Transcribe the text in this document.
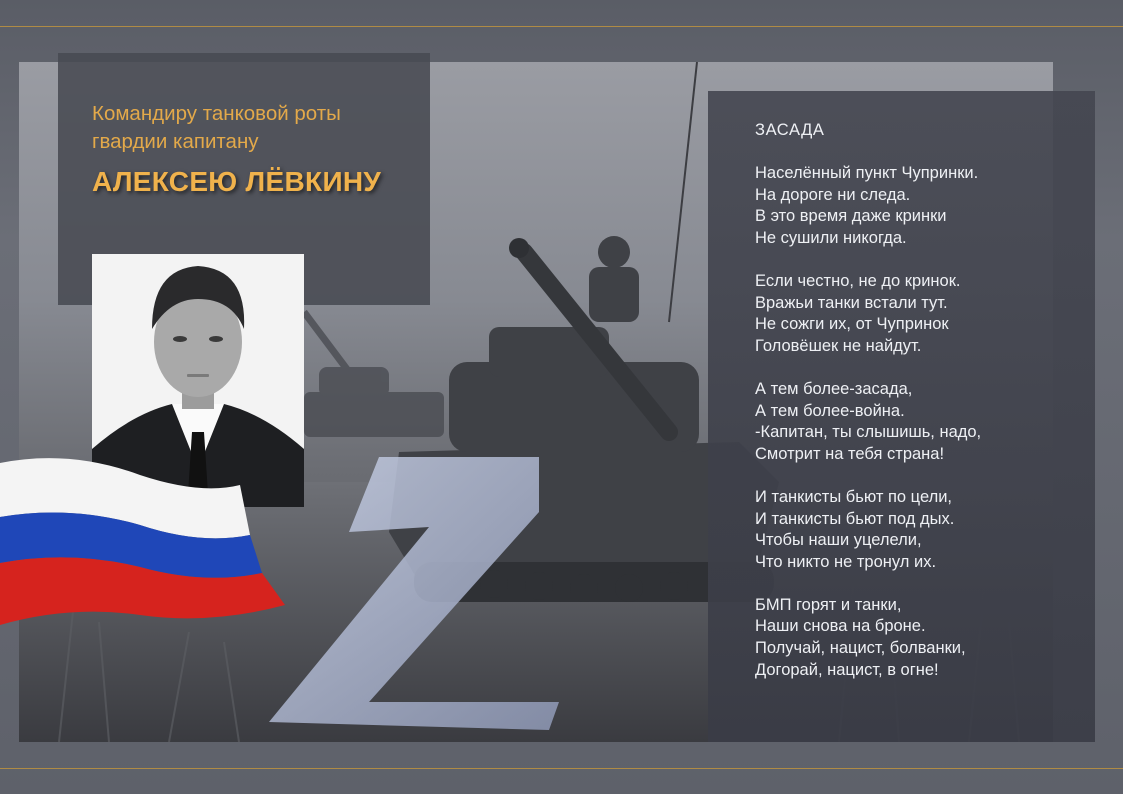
Командиру танковой роты
гвардии капитану
АЛЕКСЕЮ ЛЁВКИНУ
ЗАСАДА

Населённый пункт Чупринки.
На дороге ни следа.
В это время даже кринки
Не сушили никогда.

Если честно, не до кринок.
Вражьи танки встали тут.
Не сожги их, от Чупринок
Головёшек не найдут.

А тем более-засада,
А тем более-война.
-Капитан, ты слышишь, надо,
Смотрит на тебя страна!

И танкисты бьют по цели,
И танкисты бьют под дых.
Чтобы наши уцелели,
Что никто не тронул их.

БМП горят и танки,
Наши снова на броне.
Получай, нацист, болванки,
Догорай, нацист, в огне!
